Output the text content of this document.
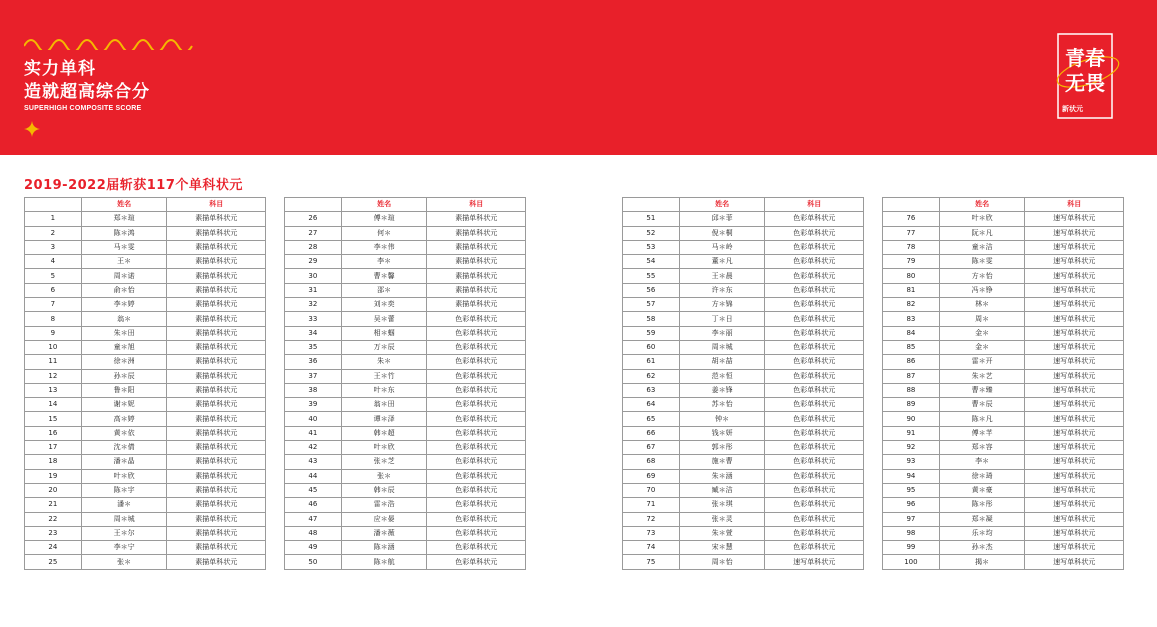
实力单科
造就超高综合分
SUPERHIGH COMPOSITE SCORE
青春
无畏
新状元
2019-2022届斩获117个单科状元
	姓名	科目
1	郑＊瑄	素描单科状元
2	陈＊鸿	素描单科状元
3	马＊雯	素描单科状元
4	王＊	素描单科状元
5	周＊诺	素描单科状元
6	俞＊怡	素描单科状元
7	李＊婷	素描单科状元
8	翁＊	素描单科状元
9	朱＊田	素描单科状元
10	童＊旭	素描单科状元
11	徐＊洲	素描单科状元
12	孙＊辰	素描单科状元
13	鲁＊阳	素描单科状元
14	谢＊妮	素描单科状元
15	高＊婷	素描单科状元
16	黄＊依	素描单科状元
17	沈＊倩	素描单科状元
18	潘＊晶	素描单科状元
19	叶＊欣	素描单科状元
20	陈＊宇	素描单科状元
21	潘＊	素描单科状元
22	周＊城	素描单科状元
23	王＊尔	素描单科状元
24	李＊宁	素描单科状元
25	张＊	素描单科状元
	姓名	科目
26	傅＊瑄	素描单科状元
27	何＊	素描单科状元
28	李＊伟	素描单科状元
29	李＊	素描单科状元
30	曹＊馨	素描单科状元
31	邵＊	素描单科状元
32	刘＊奕	素描单科状元
33	吴＊蕾	色彩单科状元
34	相＊蝈	色彩单科状元
35	万＊辰	色彩单科状元
36	朱＊	色彩单科状元
37	王＊竹	色彩单科状元
38	叶＊东	色彩单科状元
39	翁＊田	色彩单科状元
40	谭＊泽	色彩单科状元
41	韩＊超	色彩单科状元
42	叶＊欣	色彩单科状元
43	张＊芝	色彩单科状元
44	张＊	色彩单科状元
45	韩＊辰	色彩单科状元
46	雷＊浩	色彩单科状元
47	应＊晏	色彩单科状元
48	潘＊薇	色彩单科状元
49	陈＊涵	色彩单科状元
50	陈＊航	色彩单科状元
	姓名	科目
51	邱＊菲	色彩单科状元
52	倪＊桐	色彩单科状元
53	马＊岭	色彩单科状元
54	董＊凡	色彩单科状元
55	王＊晨	色彩单科状元
56	许＊东	色彩单科状元
57	方＊锦	色彩单科状元
58	丁＊日	色彩单科状元
59	李＊丽	色彩单科状元
60	周＊城	色彩单科状元
61	胡＊喆	色彩单科状元
62	范＊恒	色彩单科状元
63	姜＊锋	色彩单科状元
64	苏＊怡	色彩单科状元
65	钟＊	色彩单科状元
66	钱＊妍	色彩单科状元
67	郭＊彤	色彩单科状元
68	施＊曹	色彩单科状元
69	朱＊涵	色彩单科状元
70	臧＊洁	色彩单科状元
71	张＊琪	色彩单科状元
72	张＊灵	色彩单科状元
73	朱＊萱	色彩单科状元
74	宋＊慧	色彩单科状元
75	周＊怡	速写单科状元
	姓名	科目
76	叶＊欣	速写单科状元
77	阮＊凡	速写单科状元
78	童＊洁	速写单科状元
79	陈＊雯	速写单科状元
80	方＊怡	速写单科状元
81	冯＊铮	速写单科状元
82	林＊	速写单科状元
83	周＊	速写单科状元
84	金＊	速写单科状元
85	金＊	速写单科状元
86	雷＊开	速写单科状元
87	朱＊艺	速写单科状元
88	曹＊臻	速写单科状元
89	曹＊辰	速写单科状元
90	陈＊凡	速写单科状元
91	傅＊芊	速写单科状元
92	郑＊容	速写单科状元
93	李＊	速写单科状元
94	徐＊琦	速写单科状元
95	黄＊豪	速写单科状元
96	陈＊彤	速写单科状元
97	郑＊凝	速写单科状元
98	乐＊均	速写单科状元
99	孙＊杰	速写单科状元
100	揭＊	速写单科状元
